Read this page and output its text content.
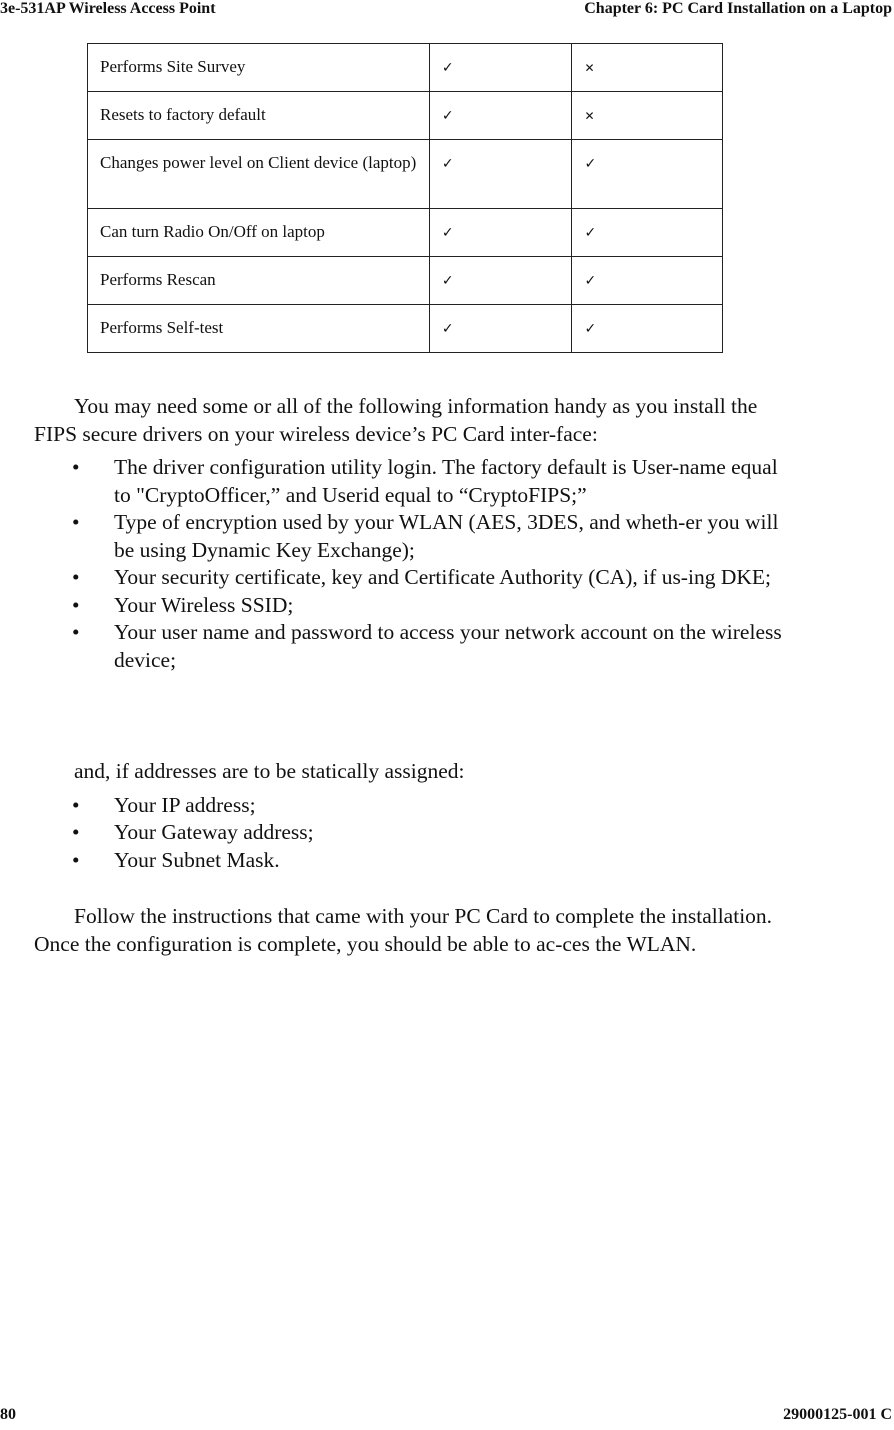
3e-531AP Wireless Access Point	Chapter 6: PC Card Installation on a Laptop
Performs Site Survey	✓	✕
Resets to factory default	✓	✕
Changes power level on Client device (laptop)	✓	✓
Can turn Radio On/Off on laptop	✓	✓
Performs Rescan	✓	✓
Performs Self-test	✓	✓

You may need some or all of the following information handy as you install the FIPS secure drivers on your wireless device’s PC Card inter-face:

• The driver configuration utility login. The factory default is User-name equal to "CryptoOfficer,” and Userid equal to “CryptoFIPS;”
• Type of encryption used by your WLAN (AES, 3DES, and wheth-er you will be using Dynamic Key Exchange);
• Your security certificate, key and Certificate Authority (CA), if us-ing DKE;
• Your Wireless SSID;
• Your user name and password to access your network account on the wireless device;

and, if addresses are to be statically assigned:

• Your IP address;
• Your Gateway address;
• Your Subnet Mask.

Follow the instructions that came with your PC Card to complete the installation. Once the configuration is complete, you should be able to ac-ces the WLAN.

80	29000125-001 C
